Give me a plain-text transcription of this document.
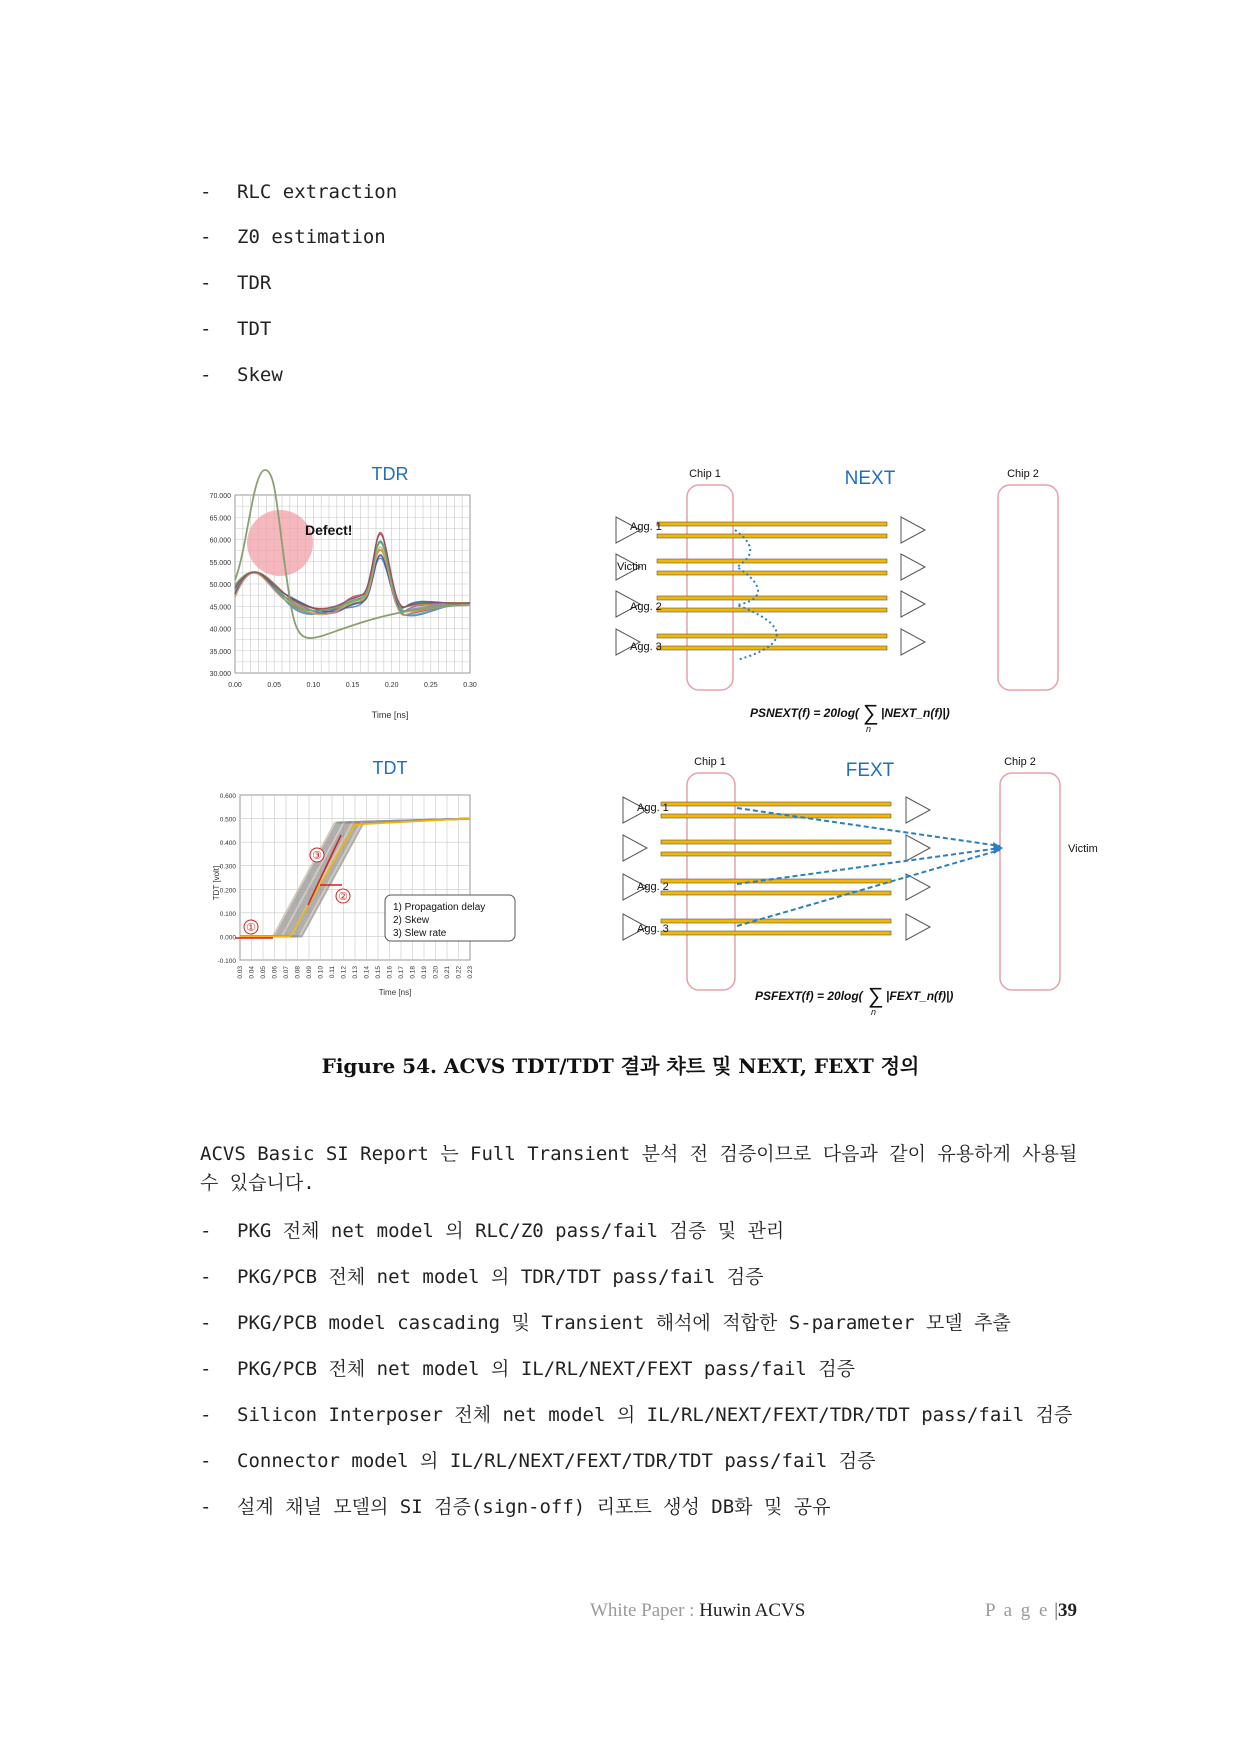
- RLC extraction
- Z0 estimation
- TDR
- TDT
- Skew
TDR
Defect!
70.000
65.000
60.000
55.000
50.000
45.000
40.000
35.000
30.000
0.00	0.05	0.10	0.15	0.20	0.25	0.30
Time [ns]
Chip 1	NEXT	Chip 2
Agg. 1
Victim
Agg. 2
Agg. 3
PSNEXT(f) = 20log( ∑
n
|NEXT_n(f)|)
TDT
0.600
0.500
0.400
0.300
0.200
0.100
0.000
-0.100
0.03 0.04 0.05 0.06 0.07 0.08 0.09 0.10 0.11 0.12 0.13 0.14 0.15 0.16 0.17 0.18 0.19 0.20 0.21 0.22 0.23
TDT [volt]
Time [ns]
③
②
①
1) Propagation delay
2) Skew
3) Slew rate
Chip 1	FEXT	Chip 2
Agg. 1
Agg. 2
Agg. 3
Victim
PSFEXT(f) = 20log( ∑
n
|FEXT_n(f)|)
Figure 54. ACVS TDT/TDT 결과 챠트 및 NEXT, FEXT 정의
ACVS Basic SI Report 는 Full Transient 분석 전 검증이므로 다음과 같이 유용하게 사용될 수 있습니다.
- PKG 전체 net model 의 RLC/Z0 pass/fail 검증 및 관리
- PKG/PCB 전체 net model 의 TDR/TDT pass/fail 검증
- PKG/PCB model cascading 및 Transient 해석에 적합한 S-parameter 모델 추출
- PKG/PCB 전체 net model 의 IL/RL/NEXT/FEXT pass/fail 검증
- Silicon Interposer 전체 net model 의 IL/RL/NEXT/FEXT/TDR/TDT pass/fail 검증
- Connector model 의 IL/RL/NEXT/FEXT/TDR/TDT pass/fail 검증
- 설계 채널 모델의 SI 검증(sign-off) 리포트 생성 DB화 및 공유
White Paper : Huwin ACVS	P a g e |39
